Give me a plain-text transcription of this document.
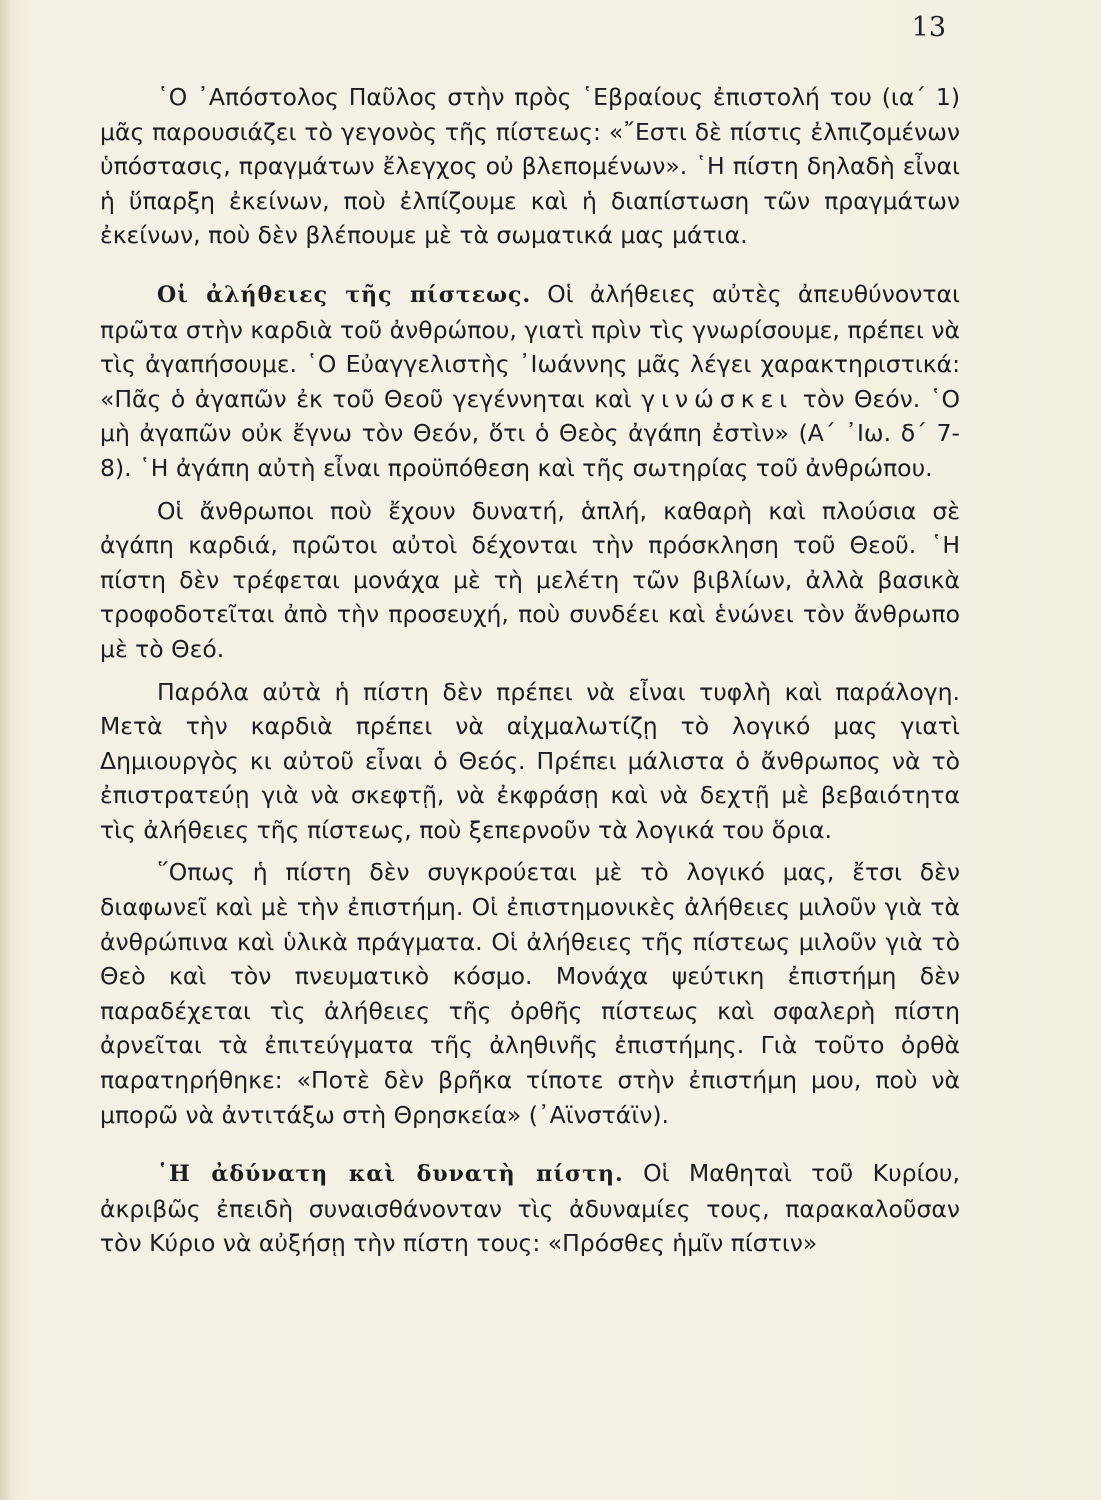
13

῾Ο ᾿Απόστολος Παῦλος στὴν πρὸς ῾Εβραίους ἐπιστολή του (ια΄ 1) μᾶς παρουσιάζει τὸ γεγονὸς τῆς πίστεως: «῎Εστι δὲ πίστις ἐλπιζομένων ὑπόστασις, πραγμάτων ἔλεγχος οὐ βλεπομένων». ῾Η πίστη δηλαδὴ εἶναι ἡ ὕπαρξη ἐκείνων, ποὺ ἐλπίζουμε καὶ ἡ διαπίστωση τῶν πραγμάτων ἐκείνων, ποὺ δὲν βλέπουμε μὲ τὰ σωματικά μας μάτια.

Οἱ ἀλήθειες τῆς πίστεως. Οἱ ἀλήθειες αὐτὲς ἀπευθύνονται πρῶτα στὴν καρδιὰ τοῦ ἀνθρώπου, γιατὶ πρὶν τὶς γνωρίσουμε, πρέπει νὰ τὶς ἀγαπήσουμε. ῾Ο Εὐαγγελιστὴς ᾿Ιωάννης μᾶς λέγει χαρακτηριστικά: «Πᾶς ὁ ἀγαπῶν ἐκ τοῦ Θεοῦ γεγέννηται καὶ γινώσκει τὸν Θεόν. ῾Ο μὴ ἀγαπῶν οὐκ ἔγνω τὸν Θεόν, ὅτι ὁ Θεὸς ἀγάπη ἐστὶν» (Α΄ ᾿Ιω. δ΄ 7-8). ῾Η ἀγάπη αὐτὴ εἶναι προϋπόθεση καὶ τῆς σωτηρίας τοῦ ἀνθρώπου.

Οἱ ἄνθρωποι ποὺ ἔχουν δυνατή, ἁπλή, καθαρὴ καὶ πλούσια σὲ ἀγάπη καρδιά, πρῶτοι αὐτοὶ δέχονται τὴν πρόσκληση τοῦ Θεοῦ. ῾Η πίστη δὲν τρέφεται μονάχα μὲ τὴ μελέτη τῶν βιβλίων, ἀλλὰ βασικὰ τροφοδοτεῖται ἀπὸ τὴν προσευχή, ποὺ συνδέει καὶ ἑνώνει τὸν ἄνθρωπο μὲ τὸ Θεό.

Παρόλα αὐτὰ ἡ πίστη δὲν πρέπει νὰ εἶναι τυφλὴ καὶ παράλογη. Μετὰ τὴν καρδιὰ πρέπει νὰ αἰχμαλωτίζῃ τὸ λογικό μας γιατὶ Δημιουργὸς κι αὐτοῦ εἶναι ὁ Θεός. Πρέπει μάλιστα ὁ ἄνθρωπος νὰ τὸ ἐπιστρατεύῃ γιὰ νὰ σκεφτῇ, νὰ ἐκφράσῃ καὶ νὰ δεχτῇ μὲ βεβαιότητα τὶς ἀλήθειες τῆς πίστεως, ποὺ ξεπερνοῦν τὰ λογικά του ὅρια.

῞Οπως ἡ πίστη δὲν συγκρούεται μὲ τὸ λογικό μας, ἔτσι δὲν διαφωνεῖ καὶ μὲ τὴν ἐπιστήμη. Οἱ ἐπιστημονικὲς ἀλήθειες μιλοῦν γιὰ τὰ ἀνθρώπινα καὶ ὑλικὰ πράγματα. Οἱ ἀλήθειες τῆς πίστεως μιλοῦν γιὰ τὸ Θεὸ καὶ τὸν πνευματικὸ κόσμο. Μονάχα ψεύτικη ἐπιστήμη δὲν παραδέχεται τὶς ἀλήθειες τῆς ὀρθῆς πίστεως καὶ σφαλερὴ πίστη ἀρνεῖται τὰ ἐπιτεύγματα τῆς ἀληθινῆς ἐπιστήμης. Γιὰ τοῦτο ὀρθὰ παρατηρήθηκε: «Ποτὲ δὲν βρῆκα τίποτε στὴν ἐπιστήμη μου, ποὺ νὰ μπορῶ νὰ ἀντιτάξω στὴ Θρησκεία» (᾿Αϊνστάϊν).

῾Η ἀδύνατη καὶ δυνατὴ πίστη. Οἱ Μαθηταὶ τοῦ Κυρίου, ἀκριβῶς ἐπειδὴ συναισθάνονταν τὶς ἀδυναμίες τους, παρακαλοῦσαν τὸν Κύριο νὰ αὐξήσῃ τὴν πίστη τους: «Πρόσθες ἡμῖν πίστιν»
